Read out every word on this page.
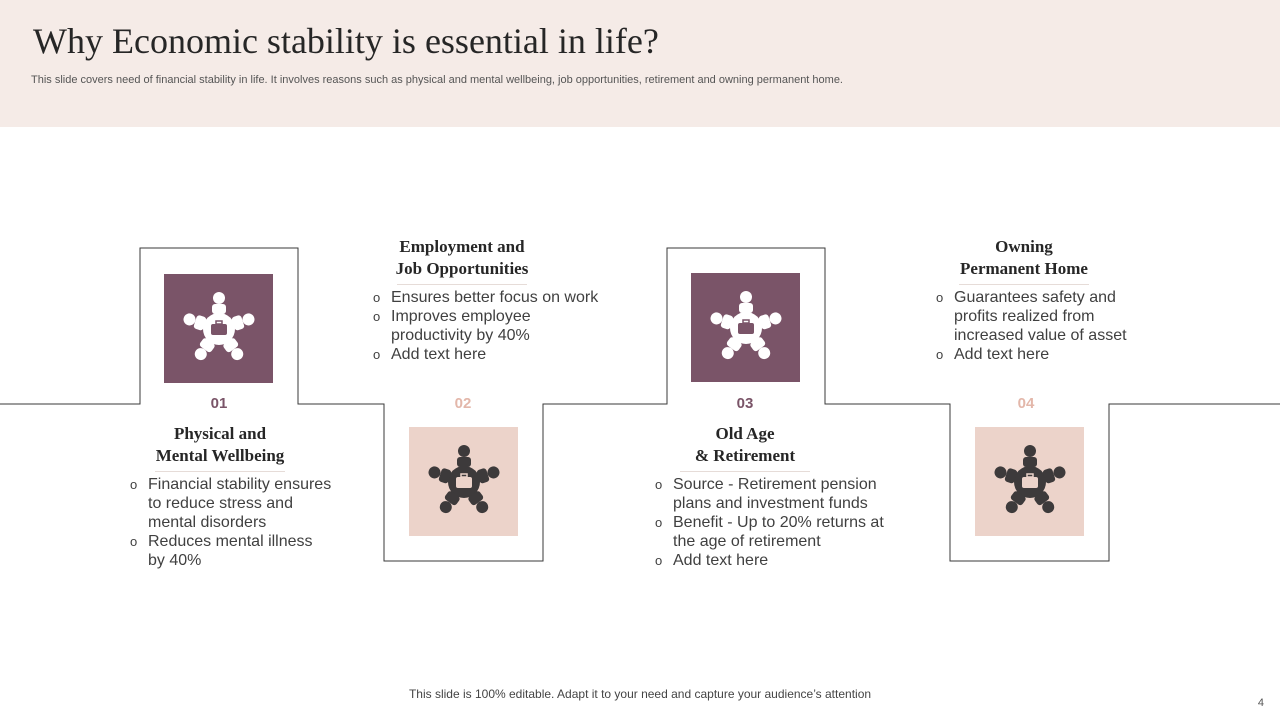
Why Economic stability is essential in life?
This slide covers need of financial stability in life. It involves reasons such as physical and mental wellbeing, job opportunities, retirement and owning permanent home.
01
Physical and
Mental Wellbeing
o Financial stability ensures
to reduce stress and
mental disorders
o Reduces mental illness
by 40%
Employment and
Job Opportunities
o Ensures better focus on work
o Improves employee
productivity by 40%
o Add text here
02	03
Old Age
& Retirement
o Source - Retirement pension
plans and investment funds
o Benefit - Up to 20% returns at
the age of retirement
o Add text here
Owning
Permanent Home
o Guarantees safety and
profits realized from
increased value of asset
o Add text here
04
This slide is 100% editable. Adapt it to your need and capture your audience’s attention
4
